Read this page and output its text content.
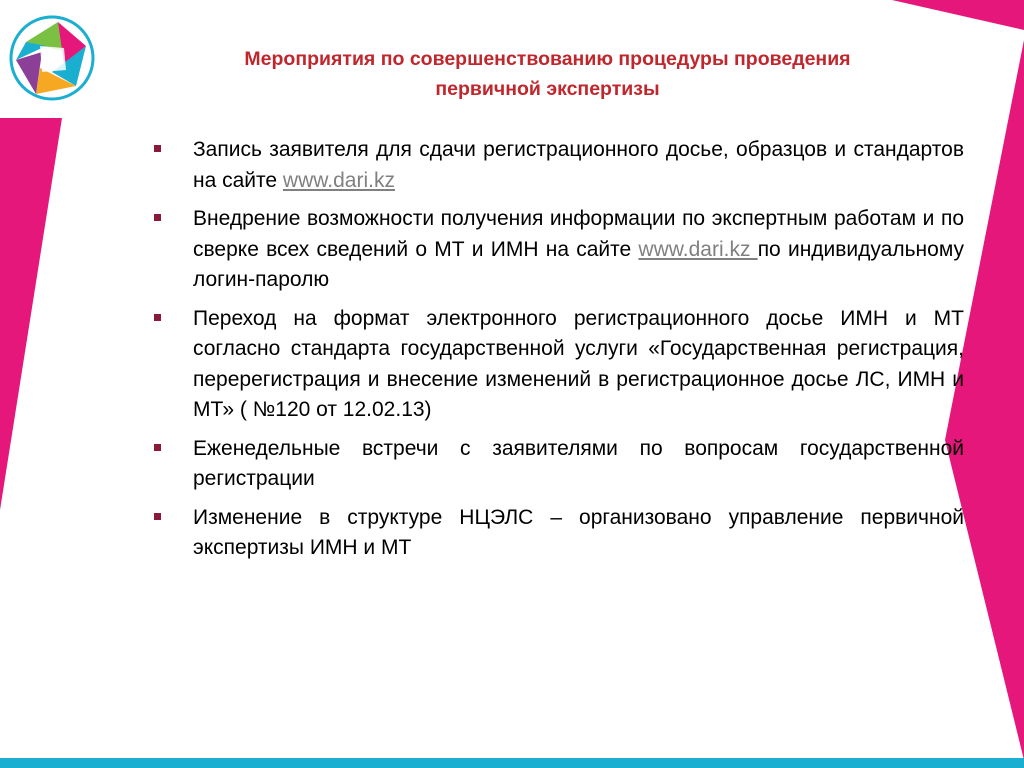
Мероприятия по совершенствованию процедуры проведения
первичной экспертизы
Запись заявителя для сдачи регистрационного досье, образцов и стандартов на сайте www.dari.kz
Внедрение возможности получения информации по экспертным работам и по сверке всех сведений о МТ и ИМН на сайте www.dari.kz по индивидуальному логин-паролю
Переход на формат электронного регистрационного досье ИМН и МТ согласно стандарта государственной услуги «Государственная регистрация, перерегистрация и внесение изменений в регистрационное досье ЛС, ИМН и МТ» ( №120 от 12.02.13)
Еженедельные встречи с заявителями по вопросам государственной регистрации
Изменение в структуре НЦЭЛС – организовано управление первичной экспертизы ИМН и МТ
